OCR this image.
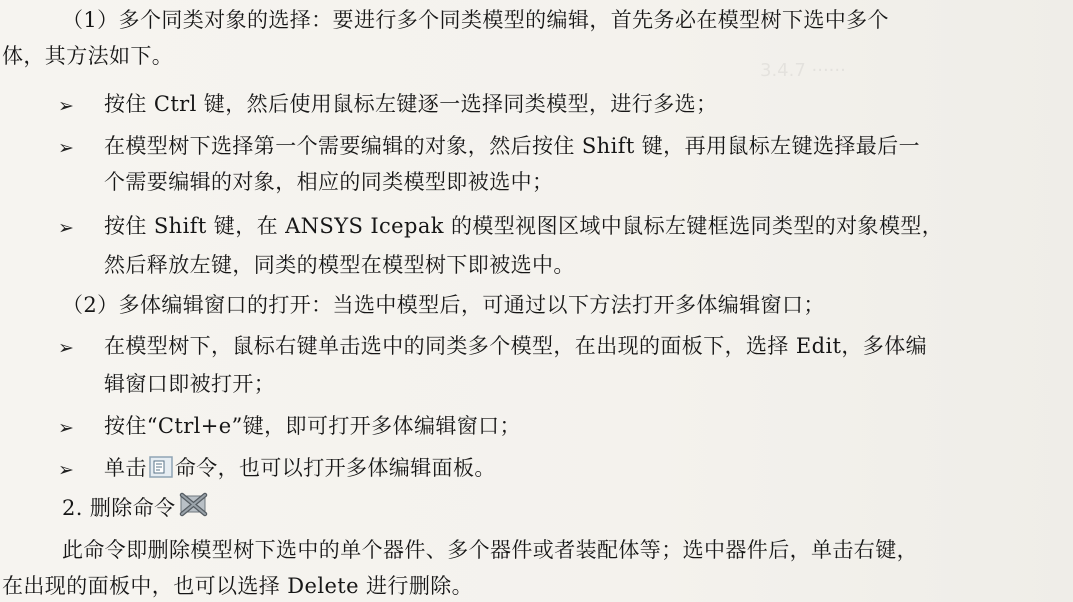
3.4.7 ······
（1）多个同类对象的选择：要进行多个同类模型的编辑，首先务必在模型树下选中多个
体，其方法如下。
➢ 按住 Ctrl 键，然后使用鼠标左键逐一选择同类模型，进行多选；
➢ 在模型树下选择第一个需要编辑的对象，然后按住 Shift 键，再用鼠标左键选择最后一
个需要编辑的对象，相应的同类模型即被选中；
➢ 按住 Shift 键，在 ANSYS Icepak 的模型视图区域中鼠标左键框选同类型的对象模型，
然后释放左键，同类的模型在模型树下即被选中。
（2）多体编辑窗口的打开：当选中模型后，可通过以下方法打开多体编辑窗口；
➢ 在模型树下，鼠标右键单击选中的同类多个模型，在出现的面板下，选择 Edit，多体编
辑窗口即被打开；
➢ 按住“Ctrl+e”键，即可打开多体编辑窗口；
➢ 单击 命令，也可以打开多体编辑面板。
2. 删除命令
此命令即删除模型树下选中的单个器件、多个器件或者装配体等；选中器件后，单击右键，
在出现的面板中，也可以选择 Delete 进行删除。
